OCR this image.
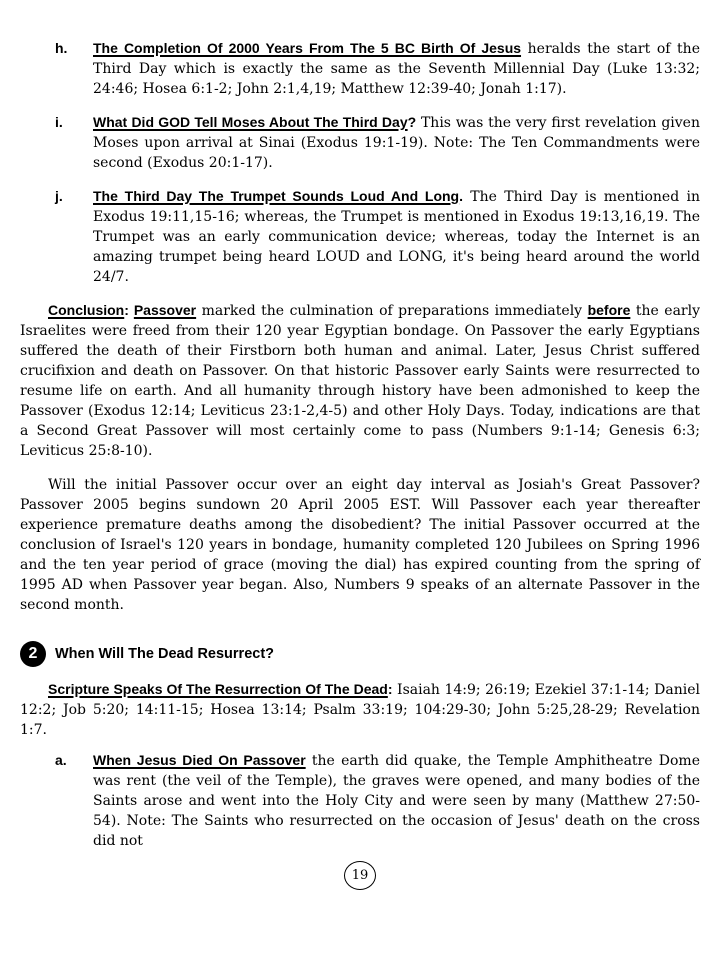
h. The Completion Of 2000 Years From The 5 BC Birth Of Jesus heralds the start of the Third Day which is exactly the same as the Seventh Millennial Day (Luke 13:32; 24:46; Hosea 6:1-2; John 2:1,4,19; Matthew 12:39-40; Jonah 1:17).

i. What Did GOD Tell Moses About The Third Day? This was the very first revelation given Moses upon arrival at Sinai (Exodus 19:1-19). Note: The Ten Commandments were second (Exodus 20:1-17).

j. The Third Day The Trumpet Sounds Loud And Long. The Third Day is mentioned in Exodus 19:11,15-16; whereas, the Trumpet is mentioned in Exodus 19:13,16,19. The Trumpet was an early communication device; whereas, today the Internet is an amazing trumpet being heard LOUD and LONG, it's being heard around the world 24/7.

Conclusion: Passover marked the culmination of preparations immediately before the early Israelites were freed from their 120 year Egyptian bondage. On Passover the early Egyptians suffered the death of their Firstborn both human and animal. Later, Jesus Christ suffered crucifixion and death on Passover. On that historic Passover early Saints were resurrected to resume life on earth. And all humanity through history have been admonished to keep the Passover (Exodus 12:14; Leviticus 23:1-2,4-5) and other Holy Days. Today, indications are that a Second Great Passover will most certainly come to pass (Numbers 9:1-14; Genesis 6:3; Leviticus 25:8-10).

Will the initial Passover occur over an eight day interval as Josiah's Great Passover? Passover 2005 begins sundown 20 April 2005 EST. Will Passover each year thereafter experience premature deaths among the disobedient? The initial Passover occurred at the conclusion of Israel's 120 years in bondage, humanity completed 120 Jubilees on Spring 1996 and the ten year period of grace (moving the dial) has expired counting from the spring of 1995 AD when Passover year began. Also, Numbers 9 speaks of an alternate Passover in the second month.

2 When Will The Dead Resurrect?

Scripture Speaks Of The Resurrection Of The Dead: Isaiah 14:9; 26:19; Ezekiel 37:1-14; Daniel 12:2; Job 5:20; 14:11-15; Hosea 13:14; Psalm 33:19; 104:29-30; John 5:25,28-29; Revelation 1:7.

a. When Jesus Died On Passover the earth did quake, the Temple Amphitheatre Dome was rent (the veil of the Temple), the graves were opened, and many bodies of the Saints arose and went into the Holy City and were seen by many (Matthew 27:50-54). Note: The Saints who resurrected on the occasion of Jesus' death on the cross did not

19
